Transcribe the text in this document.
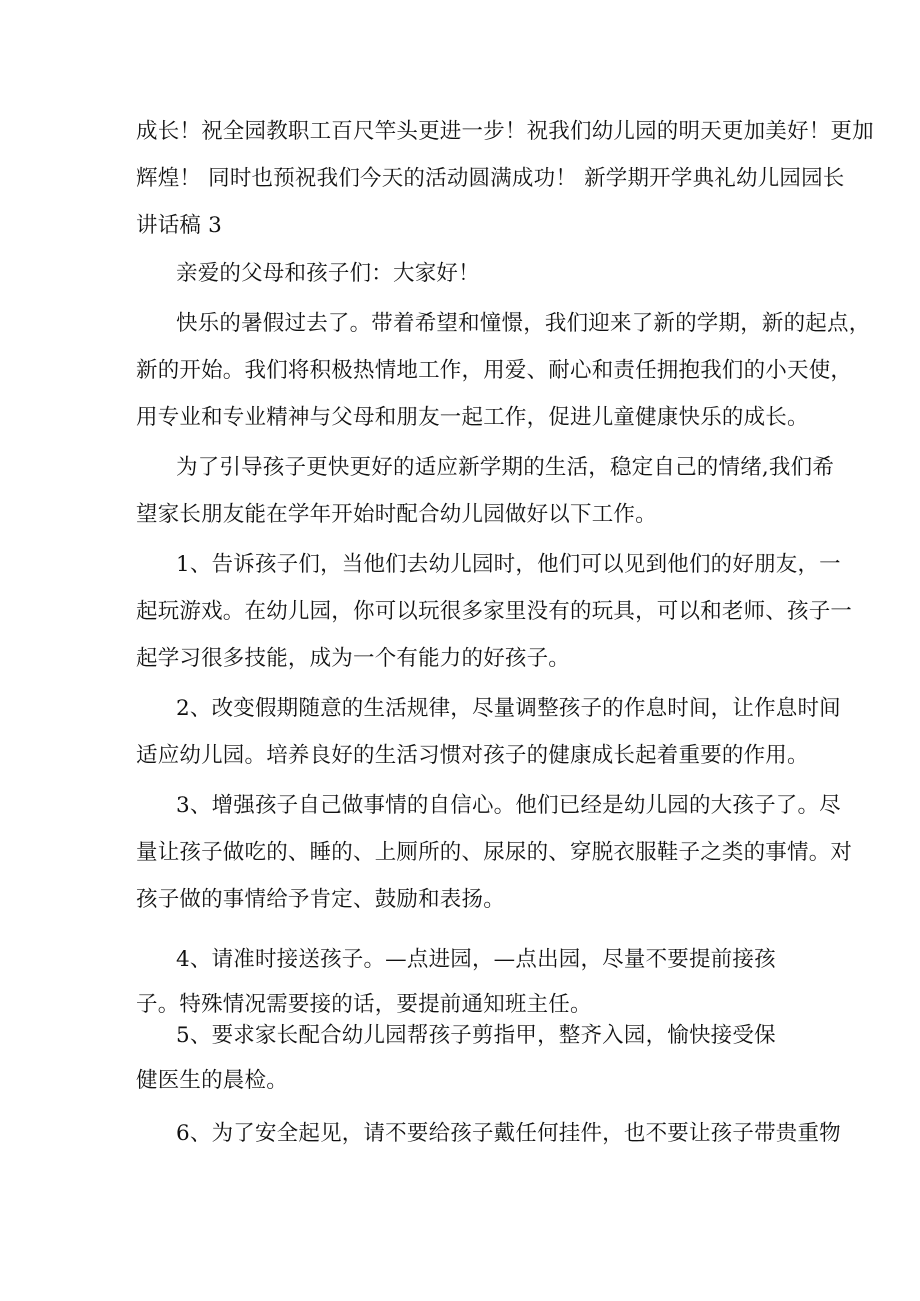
成长！祝全园教职工百尺竿头更进一步！祝我们幼儿园的明天更加美好！更加
辉煌！ 同时也预祝我们今天的活动圆满成功！ 新学期开学典礼幼儿园园长
讲话稿 3
亲爱的父母和孩子们：大家好！
快乐的暑假过去了。带着希望和憧憬，我们迎来了新的学期，新的起点，
新的开始。我们将积极热情地工作，用爱、耐心和责任拥抱我们的小天使，
用专业和专业精神与父母和朋友一起工作，促进儿童健康快乐的成长。
为了引导孩子更快更好的适应新学期的生活，稳定自己的情绪,我们希
望家长朋友能在学年开始时配合幼儿园做好以下工作。
1、告诉孩子们，当他们去幼儿园时，他们可以见到他们的好朋友，一
起玩游戏。在幼儿园，你可以玩很多家里没有的玩具，可以和老师、孩子一
起学习很多技能，成为一个有能力的好孩子。
2、改变假期随意的生活规律，尽量调整孩子的作息时间，让作息时间
适应幼儿园。培养良好的生活习惯对孩子的健康成长起着重要的作用。
3、增强孩子自己做事情的自信心。他们已经是幼儿园的大孩子了。尽
量让孩子做吃的、睡的、上厕所的、尿尿的、穿脱衣服鞋子之类的事情。对
孩子做的事情给予肯定、鼓励和表扬。
4、请准时接送孩子。—点进园，—点出园，尽量不要提前接孩
子。特殊情况需要接的话，要提前通知班主任。
5、要求家长配合幼儿园帮孩子剪指甲，整齐入园，愉快接受保
健医生的晨检。
6、为了安全起见，请不要给孩子戴任何挂件，也不要让孩子带贵重物
